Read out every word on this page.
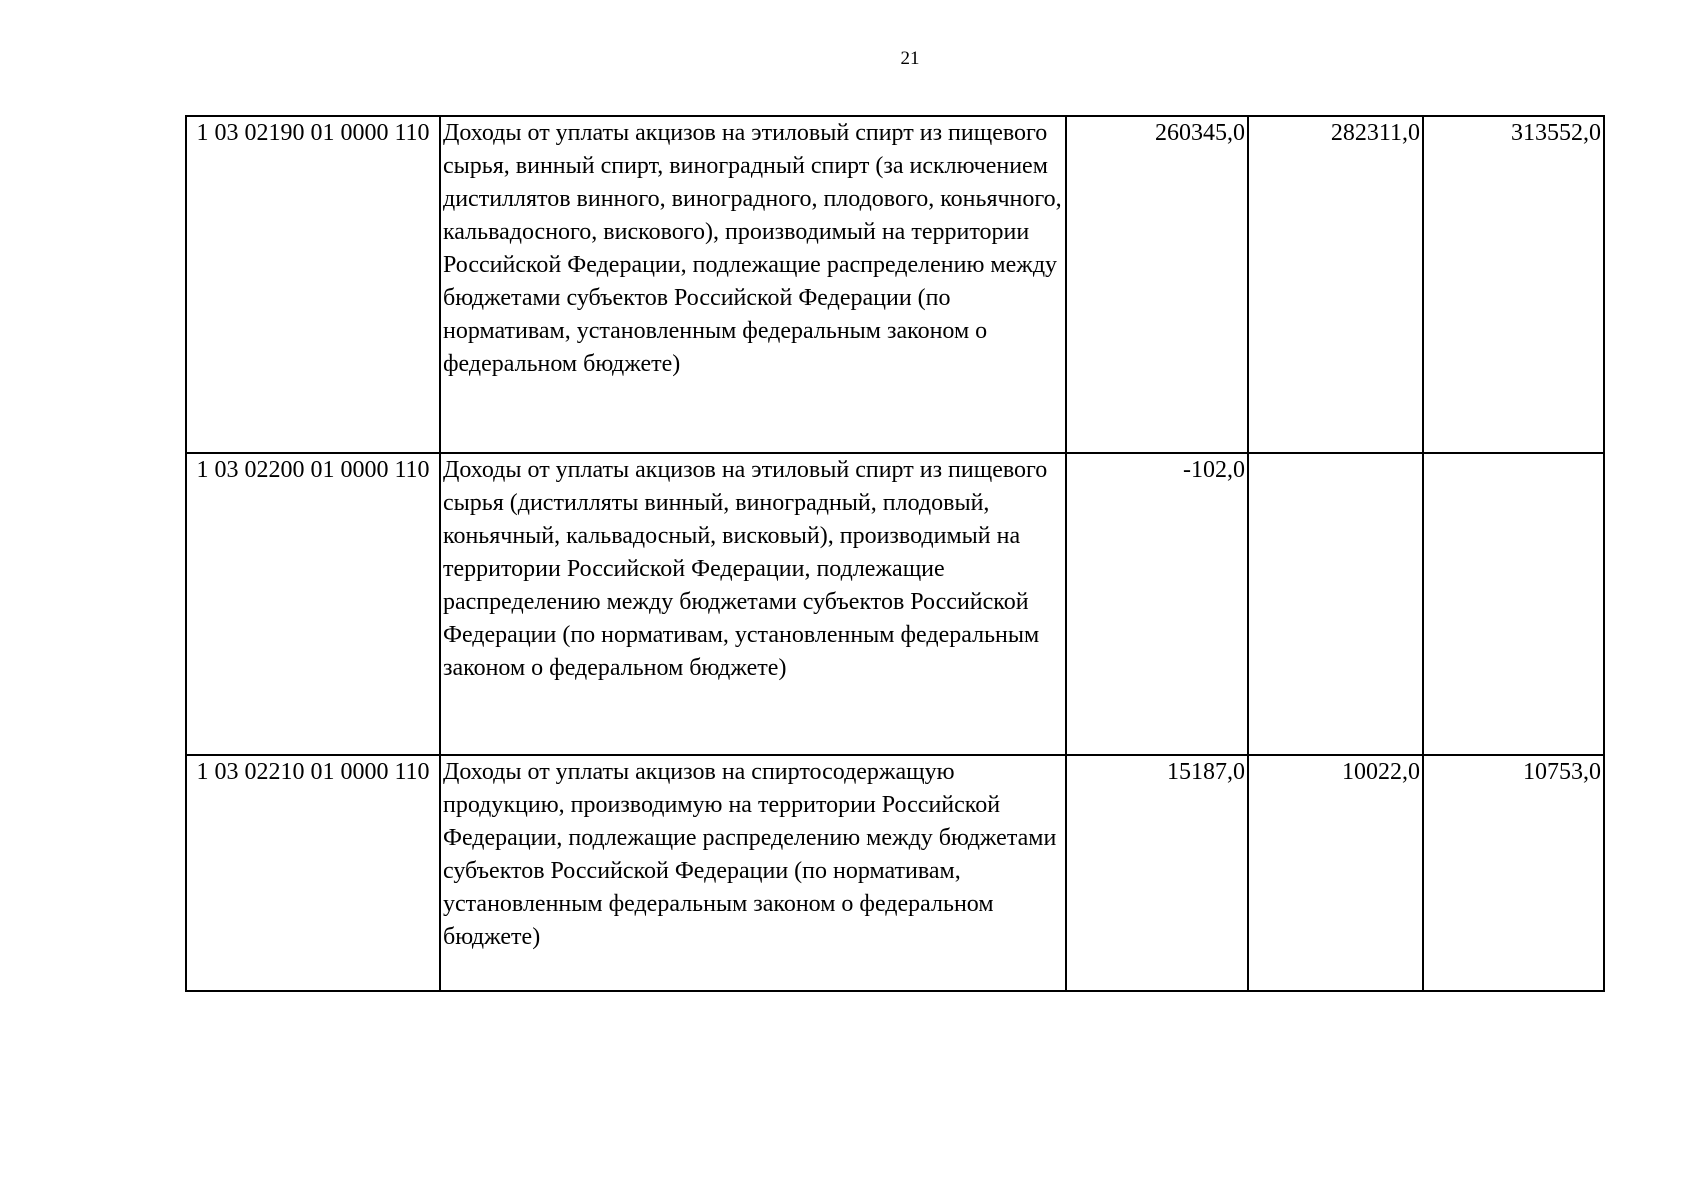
21
1 03 02190 01 0000 110	Доходы от уплаты акцизов на этиловый спирт из пищевого сырья, винный спирт, виноградный спирт (за исключением дистиллятов винного, виноградного, плодового, коньячного, кальвадосного, вискового), производимый на территории Российской Федерации, подлежащие распределению между бюджетами субъектов Российской Федерации (по нормативам, установленным федеральным законом о федеральном бюджете)	260345,0	282311,0	313552,0
1 03 02200 01 0000 110	Доходы от уплаты акцизов на этиловый спирт из пищевого сырья (дистилляты винный, виноградный, плодовый, коньячный, кальвадосный, висковый), производимый на территории Российской Федерации, подлежащие распределению между бюджетами субъектов Российской Федерации (по нормативам, установленным федеральным законом о федеральном бюджете)	-102,0		
1 03 02210 01 0000 110	Доходы от уплаты акцизов на спиртосодержащую продукцию, производимую на территории Российской Федерации, подлежащие распределению между бюджетами субъектов Российской Федерации (по нормативам, установленным федеральным законом о федеральном бюджете)	15187,0	10022,0	10753,0
